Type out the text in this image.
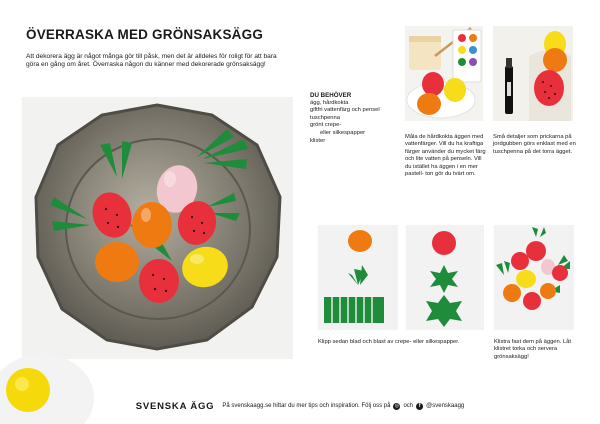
ÖVERRASKA MED GRÖNSAKSÄGG
Att dekorera ägg är något många gör till påsk, men det är alldeles för roligt för att bara göra en gång om året. Överraska någon du känner med dekorerade grönsaksägg!
DU BEHÖVER
ägg, hårdkokta
giftfri vattenfärg och pensel
tuschpenna
grönt crepe-
eller silkespapper
klister
Måla de hårdkokta äggen med vattenfärger. Vill du ha kraftiga färger använder du mycket färg och lite vatten på penseln. Vill du istället ha äggen i en mer pastell- ton gör du tvärt om.
Små detaljer som prickarna på jordgubben görs enklast med en tuschpenna på det torra ägget.
Klipp sedan blad och blast av crepe- eller silkespapper.	Klistra fast dem på äggen. Låt klistret torka och servera grönsaksägg!
SVENSKA ÄGG På svenskaagg.se hittar du mer tips och inspiration. Följ oss på ◎ och	f @svenskaagg
